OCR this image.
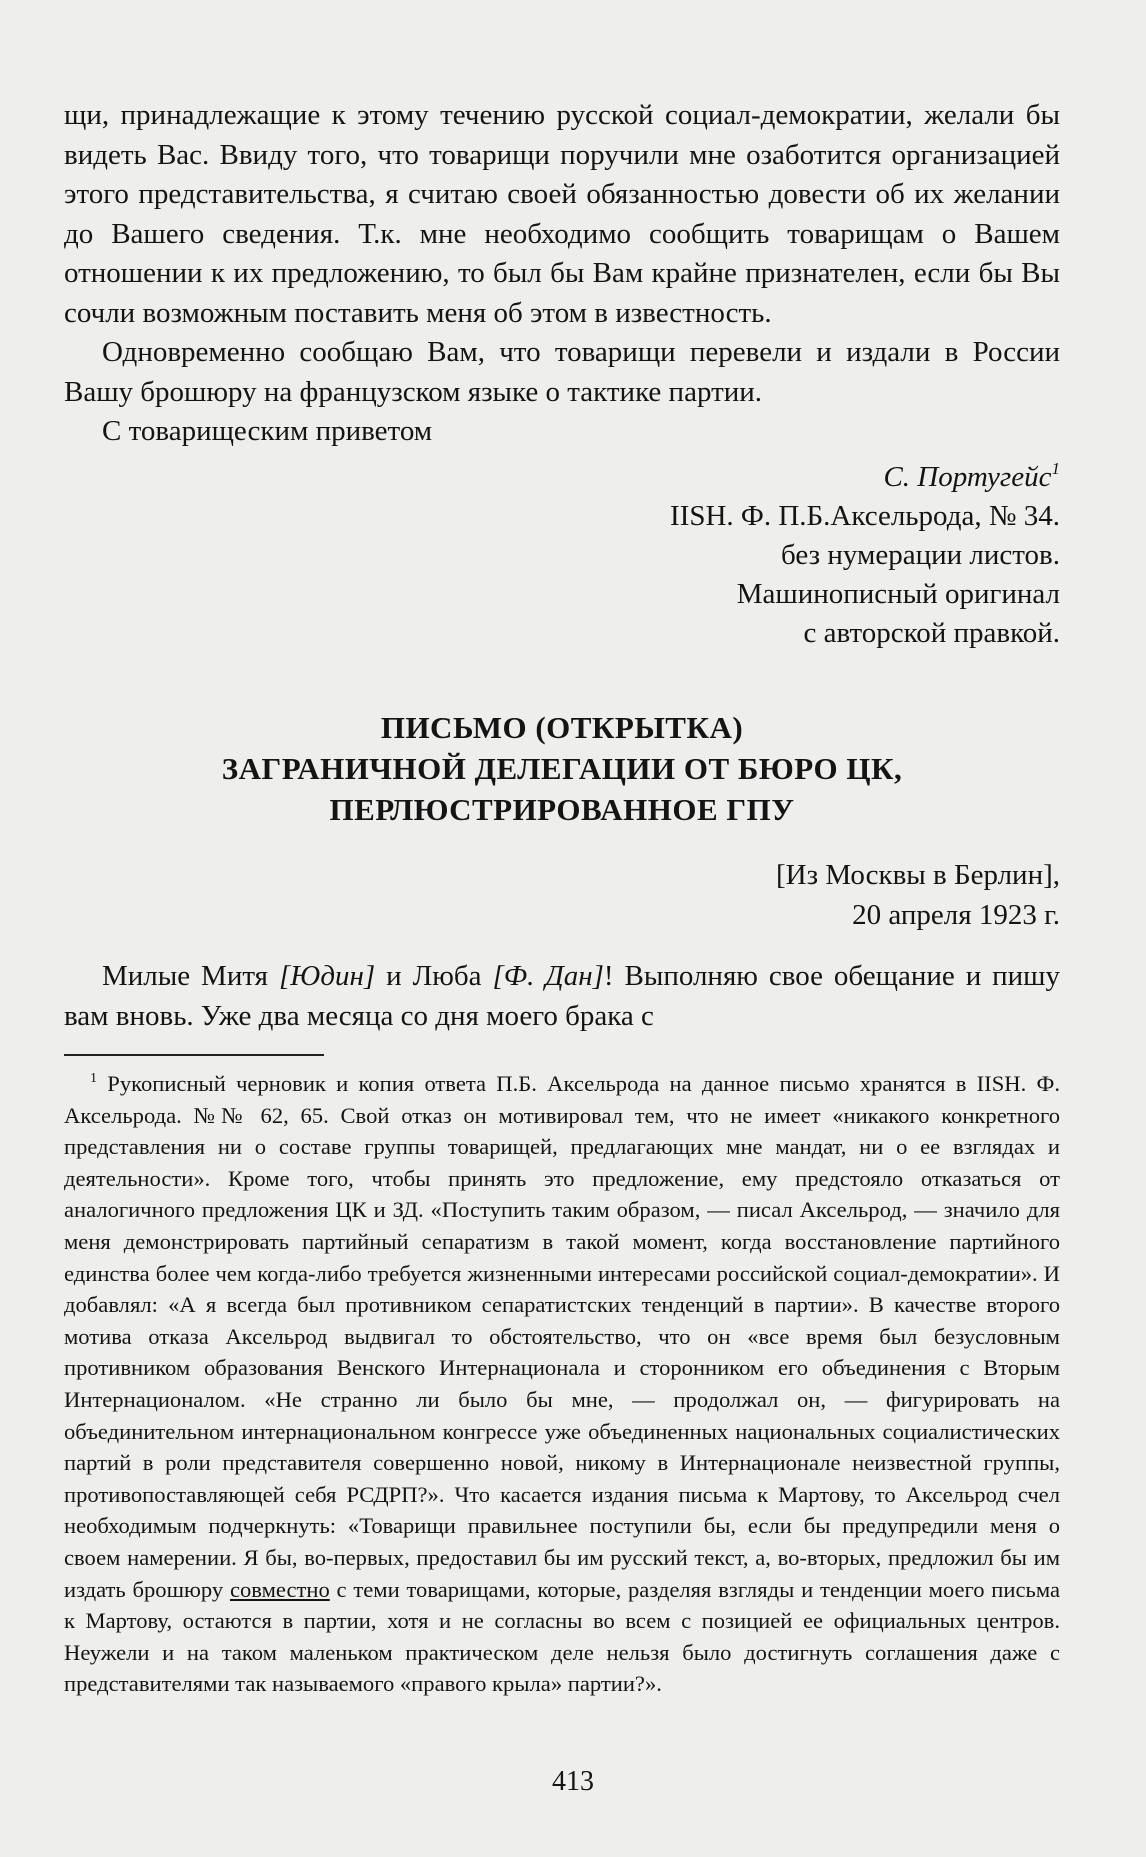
щи, принадлежащие к этому течению русской социал-демократии, желали бы видеть Вас. Ввиду того, что товарищи поручили мне озаботится организацией этого представительства, я считаю своей обязанностью довести об их желании до Вашего сведения. Т.к. мне необходимо сообщить товарищам о Вашем отношении к их предложению, то был бы Вам крайне признателен, если бы Вы сочли возможным поставить меня об этом в известность.

Одновременно сообщаю Вам, что товарищи перевели и издали в России Вашу брошюру на французском языке о тактике партии.

С товарищеским приветом

С. Португейс$^1$
IISH. Ф. П.Б.Аксельрода, № 34.
без нумерации листов.
Машинописный оригинал
с авторской правкой.
ПИСЬМО (ОТКРЫТКА)
ЗАГРАНИЧНОЙ ДЕЛЕГАЦИИ ОТ БЮРО ЦК,
ПЕРЛЮСТРИРОВАННОЕ ГПУ
[Из Москвы в Берлин],
20 апреля 1923 г.

Милые Митя [Юдин] и Люба [Ф. Дан]! Выполняю свое обещание и пишу вам вновь. Уже два месяца со дня моего брака с

$^1$ Рукописный черновик и копия ответа П.Б. Аксельрода на данное письмо хранятся в IISH. Ф. Аксельрода. №№ 62, 65. Свой отказ он мотивировал тем, что не имеет «никакого конкретного представления ни о составе группы товарищей, предлагающих мне мандат, ни о ее взглядах и деятельности». Кроме того, чтобы принять это предложение, ему предстояло отказаться от аналогичного предложения ЦК и ЗД. «Поступить таким образом, — писал Аксельрод, — значило для меня демонстрировать партийный сепаратизм в такой момент, когда восстановление партийного единства более чем когда-либо требуется жизненными интересами российской социал-демократии». И добавлял: «А я всегда был противником сепаратистских тенденций в партии». В качестве второго мотива отказа Аксельрод выдвигал то обстоятельство, что он «все время был безусловным противником образования Венского Интернационала и сторонником его объединения с Вторым Интернационалом. «Не странно ли было бы мне, — продолжал он, — фигурировать на объединительном интернациональном конгрессе уже объединенных национальных социалистических партий в роли представителя совершенно новой, никому в Интернационале неизвестной группы, противопоставляющей себя РСДРП?». Что касается издания письма к Мартову, то Аксельрод счел необходимым подчеркнуть: «Товарищи правильнее поступили бы, если бы предупредили меня о своем намерении. Я бы, во-первых, предоставил бы им русский текст, а, во-вторых, предложил бы им издать брошюру совместно с теми товарищами, которые, разделяя взгляды и тенденции моего письма к Мартову, остаются в партии, хотя и не согласны во всем с позицией ее официальных центров. Неужели и на таком маленьком практическом деле нельзя было достигнуть соглашения даже с представителями так называемого «правого крыла» партии?».

413
